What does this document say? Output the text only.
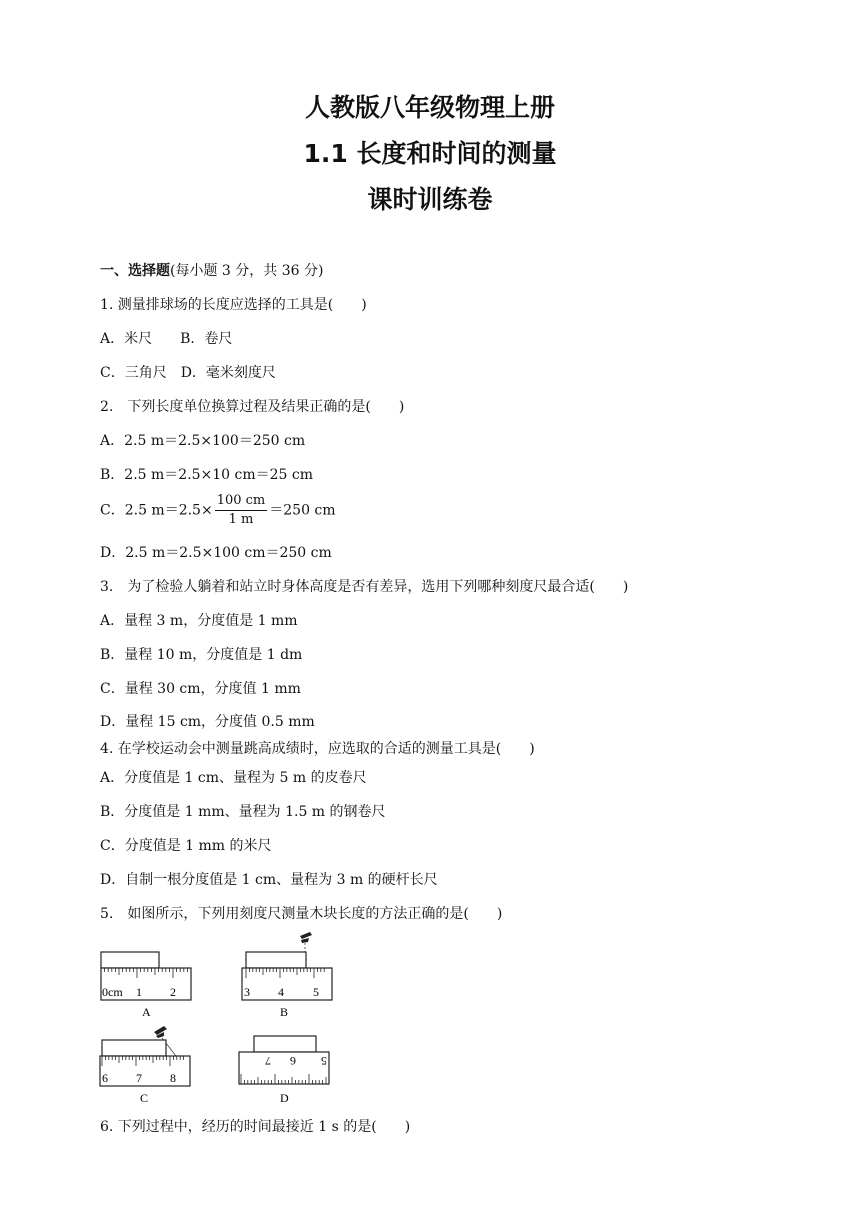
人教版八年级物理上册
1.1 长度和时间的测量
课时训练卷
一、选择题(每小题 3 分，共 36 分)
1. 测量排球场的长度应选择的工具是(　　)
A．米尺　　B．卷尺
C．三角尺　D．毫米刻度尺
2.　下列长度单位换算过程及结果正确的是(　　)
A．2.5 m＝2.5×100＝250 cm
B．2.5 m＝2.5×10 cm＝25 cm
C．2.5 $m=2.5\times \frac{100 cm}{1 m} =250$ cm
D．2.5 m＝2.5×100 cm＝250 cm
3.　为了检验人躺着和站立时身体高度是否有差异，选用下列哪种刻度尺最合适(　　)
A．量程 3 m，分度值是 1 mm
B．量程 10 m，分度值是 1 dm
C．量程 30 cm，分度值 1 mm
D．量程 15 cm，分度值 0.5 mm
4. 在学校运动会中测量跳高成绩时，应选取的合适的测量工具是(　　)
A．分度值是 1 cm、量程为 5 m 的皮卷尺
B．分度值是 1 mm、量程为 1.5 m 的钢卷尺
C．分度值是 1 mm 的米尺
D．自制一根分度值是 1 cm、量程为 3 m 的硬杆长尺
5.　如图所示，下列用刻度尺测量木块长度的方法正确的是(　　)
0cm 1 2
A
3 4 5
B
6 7 8
C
7 6 5
D
6. 下列过程中，经历的时间最接近 1 s 的是(　　)
